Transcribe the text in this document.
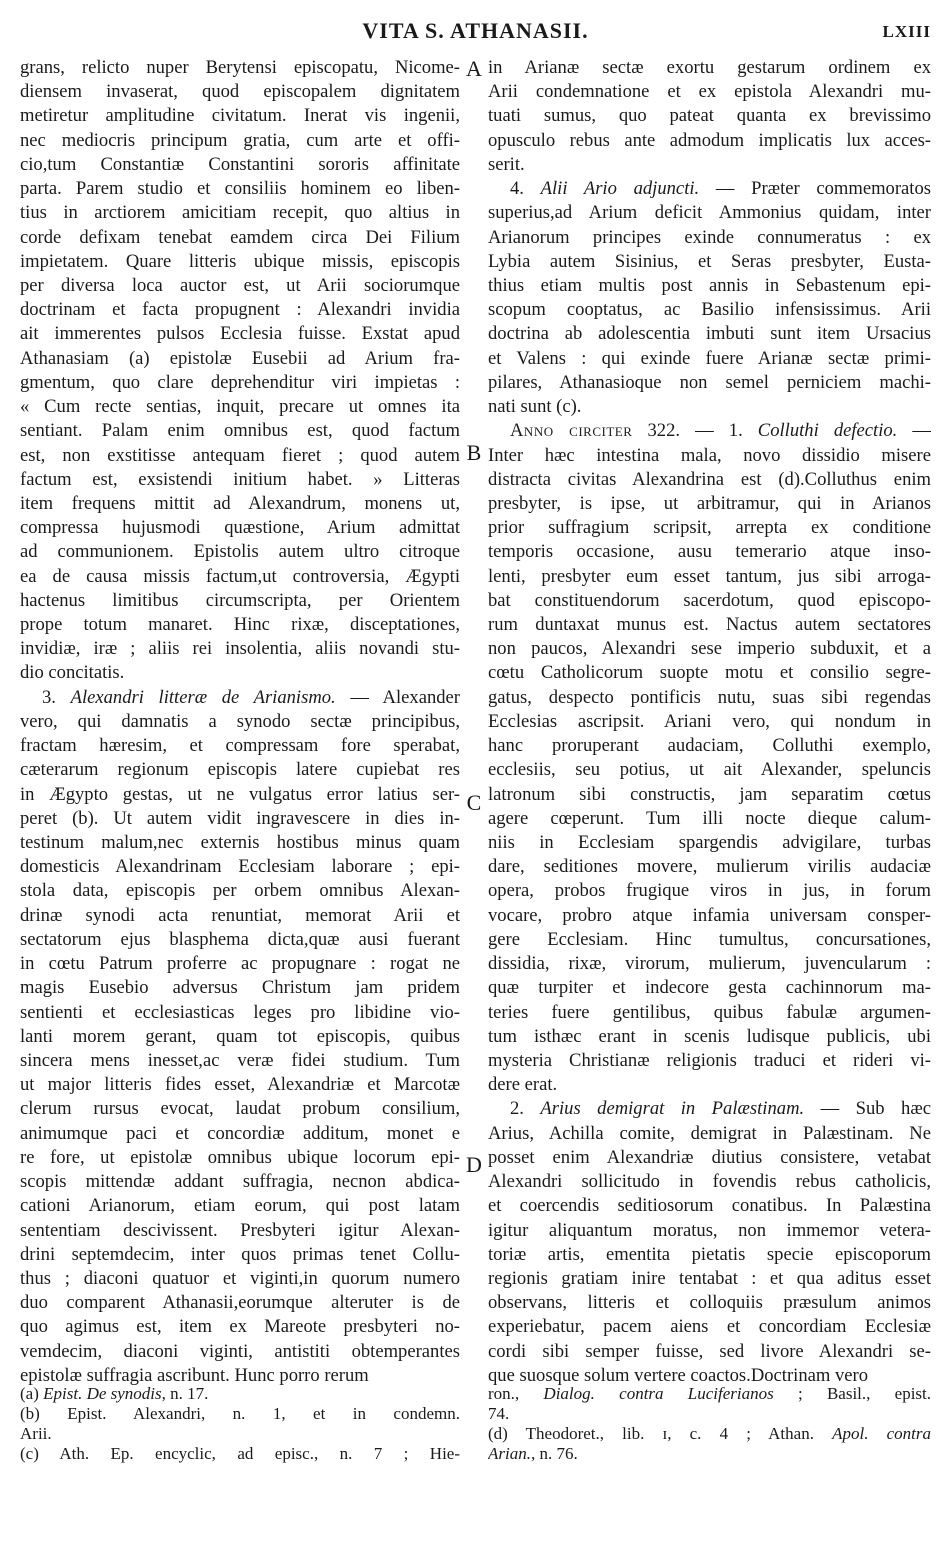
VITA S. ATHANASII.	LXIII
grans, relicto nuper Berytensi episcopatu, Nicome-
diensem invaserat, quod episcopalem dignitatem
metiretur amplitudine civitatum. Inerat vis ingenii,
nec mediocris principum gratia, cum arte et offi-
cio,tum Constantiæ Constantini sororis affinitate
parta. Parem studio et consiliis hominem eo liben-
tius in arctiorem amicitiam recepit, quo altius in
corde defixam tenebat eamdem circa Dei Filium
impietatem. Quare litteris ubique missis, episcopis
per diversa loca auctor est, ut Arii sociorumque
doctrinam et facta propugnent : Alexandri invidia
ait immerentes pulsos Ecclesia fuisse. Exstat apud
Athanasiam (a) epistolæ Eusebii ad Arium fra-
gmentum, quo clare deprehenditur viri impietas :
« Cum recte sentias, inquit, precare ut omnes ita
sentiant. Palam enim omnibus est, quod factum
est, non exstitisse antequam fieret ; quod autem
factum est, exsistendi initium habet. » Litteras
item frequens mittit ad Alexandrum, monens ut,
compressa hujusmodi quæstione, Arium admittat
ad communionem. Epistolis autem ultro citroque
ea de causa missis factum,ut controversia, Ægypti
hactenus limitibus circumscripta, per Orientem
prope totum manaret. Hinc rixæ, disceptationes,
invidiæ, iræ ; aliis rei insolentia, aliis novandi stu-
dio concitatis.
3. Alexandri litteræ de Arianismo. — Alexander
vero, qui damnatis a synodo sectæ principibus,
fractam hæresim, et compressam fore sperabat,
cæterarum regionum episcopis latere cupiebat res
in Ægypto gestas, ut ne vulgatus error latius ser-
peret (b). Ut autem vidit ingravescere in dies in-
testinum malum,nec externis hostibus minus quam
domesticis Alexandrinam Ecclesiam laborare ; epi-
stola data, episcopis per orbem omnibus Alexan-
drinæ synodi acta renuntiat, memorat Arii et
sectatorum ejus blasphema dicta,quæ ausi fuerant
in cœtu Patrum proferre ac propugnare : rogat ne
magis Eusebio adversus Christum jam pridem
sentienti et ecclesiasticas leges pro libidine vio-
lanti morem gerant, quam tot episcopis, quibus
sincera mens inesset,ac veræ fidei studium. Tum
ut major litteris fides esset, Alexandriæ et Marcotæ
clerum rursus evocat, laudat probum consilium,
animumque paci et concordiæ additum, monet e
re fore, ut epistolæ omnibus ubique locorum epi-
scopis mittendæ addant suffragia, necnon abdica-
cationi Arianorum, etiam eorum, qui post latam
sententiam descivissent. Presbyteri igitur Alexan-
drini septemdecim, inter quos primas tenet Collu-
thus ; diaconi quatuor et viginti,in quorum numero
duo comparent Athanasii,eorumque alteruter is de
quo agimus est, item ex Mareote presbyteri no-
vemdecim, diaconi viginti, antistiti obtemperantes
epistolæ suffragia ascribunt. Hunc porro rerum
in Arianæ sectæ exortu gestarum ordinem ex
Arii condemnatione et ex epistola Alexandri mu-
tuati sumus, quo pateat quanta ex brevissimo
opusculo rebus ante admodum implicatis lux acces-
serit.
4. Alii Ario adjuncti. — Præter commemoratos
superius,ad Arium deficit Ammonius quidam, inter
Arianorum principes exinde connumeratus : ex
Lybia autem Sisinius, et Seras presbyter, Eusta-
thius etiam multis post annis in Sebastenum epi-
scopum cooptatus, ac Basilio infensissimus. Arii
doctrina ab adolescentia imbuti sunt item Ursacius
et Valens : qui exinde fuere Arianæ sectæ primi-
pilares, Athanasioque non semel perniciem machi-
nati sunt (c).
Anno circiter 322. — 1. Colluthi defectio. —
Inter hæc intestina mala, novo dissidio misere
distracta civitas Alexandrina est (d).Colluthus enim
presbyter, is ipse, ut arbitramur, qui in Arianos
prior suffragium scripsit, arrepta ex conditione
temporis occasione, ausu temerario atque inso-
lenti, presbyter eum esset tantum, jus sibi arroga-
bat constituendorum sacerdotum, quod episcopo-
rum duntaxat munus est. Nactus autem sectatores
non paucos, Alexandri sese imperio subduxit, et a
cœtu Catholicorum suopte motu et consilio segre-
gatus, despecto pontificis nutu, suas sibi regendas
Ecclesias ascripsit. Ariani vero, qui nondum in
hanc proruperant audaciam, Colluthi exemplo,
ecclesiis, seu potius, ut ait Alexander, speluncis
latronum sibi constructis, jam separatim cœtus
agere cœperunt. Tum illi nocte dieque calum-
niis in Ecclesiam spargendis advigilare, turbas
dare, seditiones movere, mulierum virilis audaciæ
opera, probos frugique viros in jus, in forum
vocare, probro atque infamia universam consper-
gere Ecclesiam. Hinc tumultus, concursationes,
dissidia, rixæ, virorum, mulierum, juvencularum :
quæ turpiter et indecore gesta cachinnorum ma-
teries fuere gentilibus, quibus fabulæ argumen-
tum isthæc erant in scenis ludisque publicis, ubi
mysteria Christianæ religionis traduci et rideri vi-
dere erat.
2. Arius demigrat in Palæstinam. — Sub hæc
Arius, Achilla comite, demigrat in Palæstinam. Ne
posset enim Alexandriæ diutius consistere, vetabat
Alexandri sollicitudo in fovendis rebus catholicis,
et coercendis seditiosorum conatibus. In Palæstina
igitur aliquantum moratus, non immemor vetera-
toriæ artis, ementita pietatis specie episcoporum
regionis gratiam inire tentabat : et qua aditus esset
observans, litteris et colloquiis præsulum animos
experiebatur, pacem aiens et concordiam Ecclesiæ
cordi sibi semper fuisse, sed livore Alexandri se-
que suosque solum vertere coactos.Doctrinam vero
A
B
C
D
(a) Epist. De synodis, n. 17.
(b) Epist. Alexandri, n. 1, et in condemn.
Arii.
(c) Ath. Ep. encyclic, ad episc., n. 7 ; Hie-
ron., Dialog. contra Luciferianos ; Basil., epist.
74.
(d) Theodoret., lib. ɪ, c. 4 ; Athan. Apol. contra
Arian., n. 76.
